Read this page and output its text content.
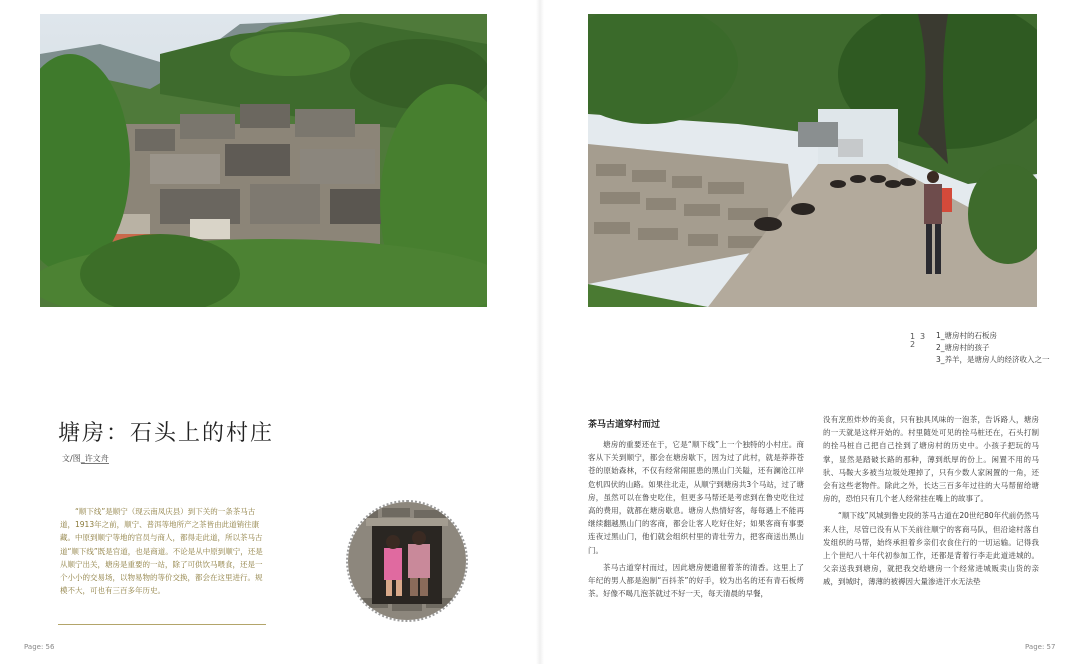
塘房：石头上的村庄
文/图_许文舟
“顺下线”是顺宁（现云南凤庆县）到下关的一条茶马古道，1913年之前，顺宁、普洱等地所产之茶皆由此道销往康藏。中原到顺宁等地的官员与商人，都得走此道，所以茶马古道“顺下线”既是官道，也是商道。不论是从中原到顺宁，还是从顺宁出关，塘房是重要的一站，除了可供饮马喂食，还是一个小小的交易场，以物易物的等价交换，都会在这里进行。规模不大，可也有三百多年历史。
Page: 56
1
2
3 1_塘房村的石板房
2_塘房村的孩子
3_养羊，是塘房人的经济收入之一
茶马古道穿村而过

塘房的重要还在于，它是“顺下线”上一个独特的小村庄。商客从下关到顺宁，都会在塘房歇下，因为过了此村，就是莽莽苍苍的原始森林，不仅有经常闹匪患的黑山门关隘，还有澜沧江岸危机四伏的山路。如果往北走，从顺宁到塘房共3个马站，过了塘房，虽然可以在鲁史吃住，但更多马帮还是考虑到在鲁史吃住过高的费用，就都在塘房歇息。塘房人热情好客，每每遇上不能再继续翻越黑山门的客商，都会让客人吃好住好；如果客商有事要连夜过黑山门，他们就会组织村里的青壮劳力，把客商送出黑山门。

茶马古道穿村而过，因此塘房便遗留着茶的清香。这里上了年纪的男人都是泡制“百抖茶”的好手，较为出名的还有青石板烤茶。好像不喝几泡茶就过不好一天，每天清晨的早餐，

没有烹煎炸炒的美食，只有独具风味的一泡茶，告诉路人，塘房的一天就是这样开始的。村里随处可见的拴马桩还在，石头打制的拴马桩自己把自己拴到了塘房村的历史中。小孩子把玩的马掌，显然是踏破长路的那种，薄到纸厚的份上。闲置不用的马驮、马鞍大多被当垃圾处理掉了，只有少数人家闲置的一角，还会有这些老物件。除此之外，长达三百多年过往的大马帮留给塘房的，恐怕只有几个老人经常挂在嘴上的故事了。

“顺下线”风城到鲁史段的茶马古道在20世纪80年代前仍然马来人往，尽管已没有从下关前往顺宁的客商马队，但沿途村落自发组织的马帮，始终承担着乡亲们衣食住行的一切运输。记得我上个世纪八十年代初参加工作，还都是背着行李走此道进城的。父亲送我到塘房，就把我交给塘房一个经常进城贩卖山货的亲戚，到城时，薄薄的被褥因大量渗进汗水无法垫

Page: 57
